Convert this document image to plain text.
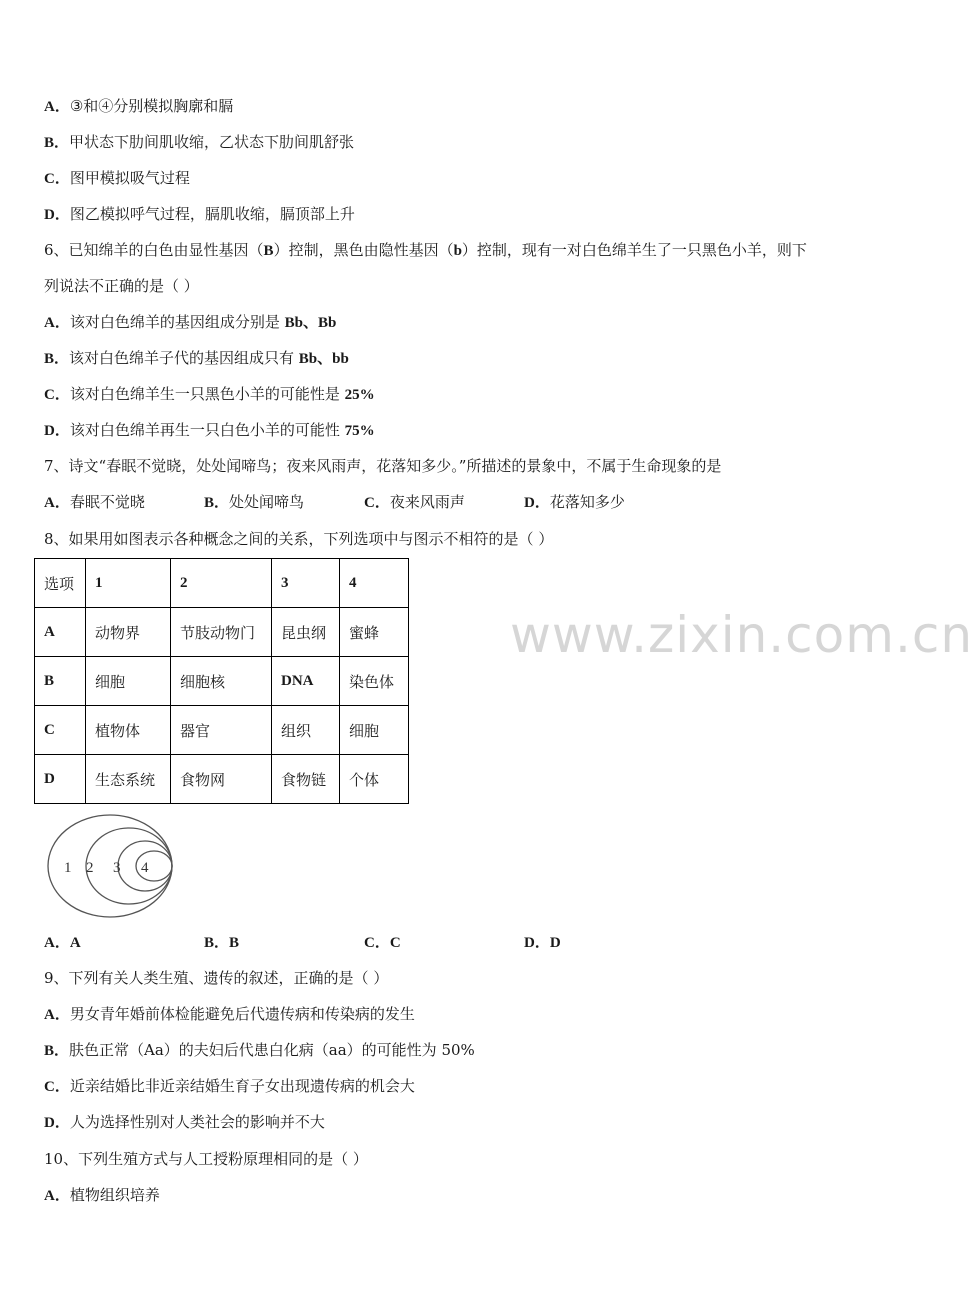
A．③和④分别模拟胸廓和膈
B．甲状态下肋间肌收缩，乙状态下肋间肌舒张
C．图甲模拟吸气过程
D．图乙模拟呼气过程，膈肌收缩，膈顶部上升
6、已知绵羊的白色由显性基因（B）控制，黑色由隐性基因（b）控制，现有一对白色绵羊生了一只黑色小羊，则下
列说法不正确的是（ ）
A．该对白色绵羊的基因组成分别是 Bb、Bb
B．该对白色绵羊子代的基因组成只有 Bb、bb
C．该对白色绵羊生一只黑色小羊的可能性是 25%
D．该对白色绵羊再生一只白色小羊的可能性 75%
7、诗文“春眠不觉晓，处处闻啼鸟；夜来风雨声，花落知多少。”所描述的景象中，不属于生命现象的是
A．春眠不觉晓	B．处处闻啼鸟	C．夜来风雨声	D．花落知多少
8、如果用如图表示各种概念之间的关系，下列选项中与图示不相符的是（ ）
选项	1	2	3	4
A	动物界	节肢动物门	昆虫纲	蜜蜂
B	细胞	细胞核	DNA	染色体
C	植物体	器官	组织	细胞
D	生态系统	食物网	食物链	个体
www.zixin.com.cn
1 2 3 4
A．A	B．B	C．C	D．D
9、下列有关人类生殖、遗传的叙述，正确的是（ ）
A．男女青年婚前体检能避免后代遗传病和传染病的发生
B．肤色正常（Aa）的夫妇后代患白化病（aa）的可能性为 50%
C．近亲结婚比非近亲结婚生育子女出现遗传病的机会大
D．人为选择性别对人类社会的影响并不大
10、下列生殖方式与人工授粉原理相同的是（ ）
A．植物组织培养
